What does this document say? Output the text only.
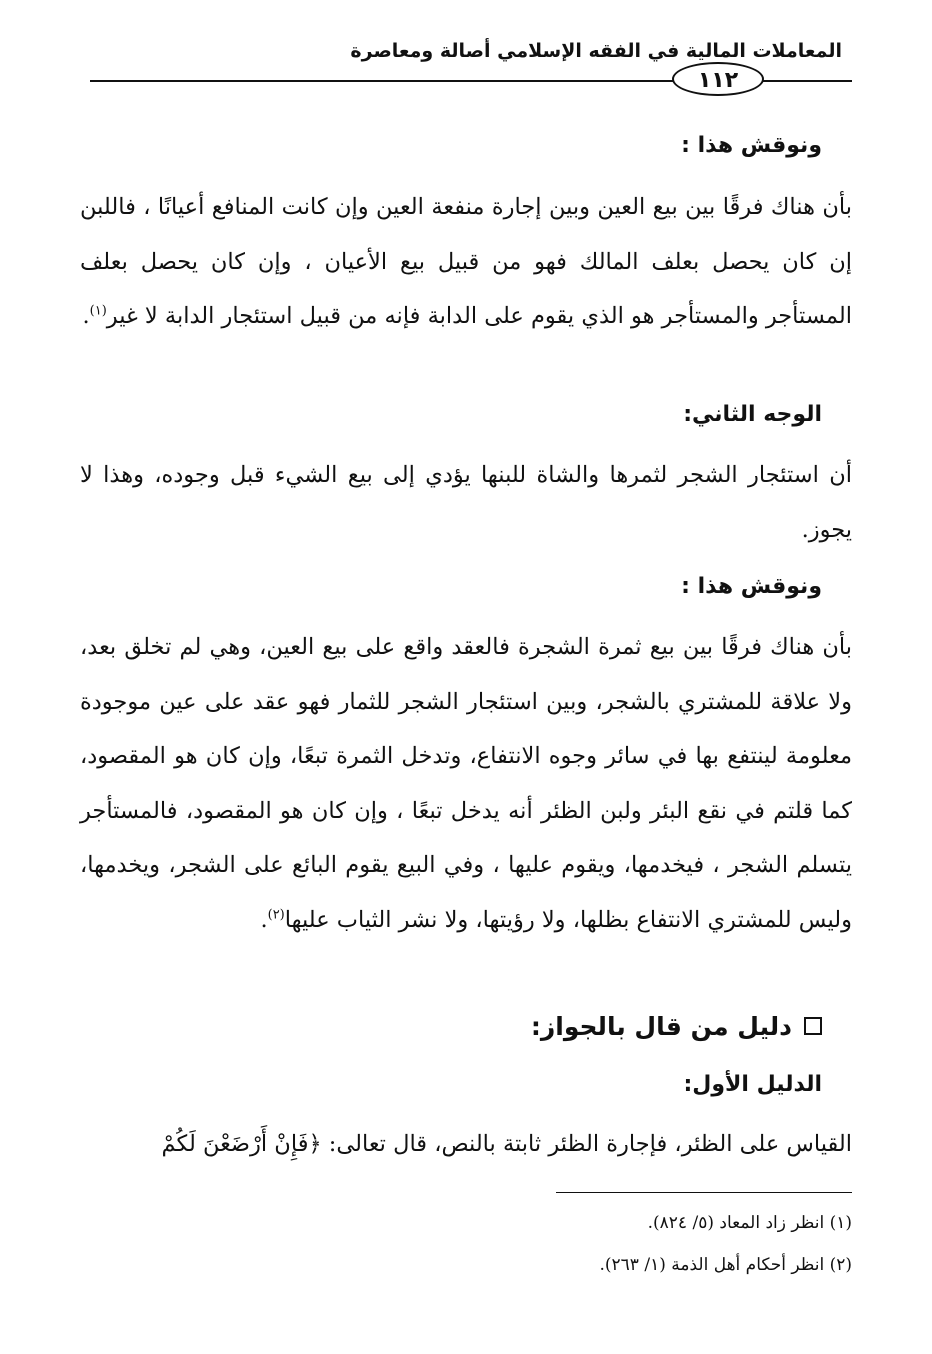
المعاملات المالية في الفقه الإسلامي أصالة ومعاصرة
١١٢
ونوقش هذا :
بأن هناك فرقًا بين بيع العين وبين إجارة منفعة العين وإن كانت المنافع أعيانًا ، فاللبن إن كان يحصل بعلف المالك فهو من قبيل بيع الأعيان ، وإن كان يحصل بعلف المستأجر والمستأجر هو الذي يقوم على الدابة فإنه من قبيل استئجار الدابة لا غير$^{(١)}$.
الوجه الثاني:
أن استئجار الشجر لثمرها والشاة للبنها يؤدي إلى بيع الشيء قبل وجوده، وهذا لا يجوز.
ونوقش هذا :
بأن هناك فرقًا بين بيع ثمرة الشجرة فالعقد واقع على بيع العين، وهي لم تخلق بعد، ولا علاقة للمشتري بالشجر، وبين استئجار الشجر للثمار فهو عقد على عين موجودة معلومة لينتفع بها في سائر وجوه الانتفاع، وتدخل الثمرة تبعًا، وإن كان هو المقصود، كما قلتم في نقع البئر ولبن الظئر أنه يدخل تبعًا ، وإن كان هو المقصود، فالمستأجر يتسلم الشجر ، فيخدمها، ويقوم عليها ، وفي البيع يقوم البائع على الشجر، ويخدمها، وليس للمشتري الانتفاع بظلها، ولا رؤيتها، ولا نشر الثياب عليها$^{(٢)}$.
دليل من قال بالجواز:
الدليل الأول:
القياس على الظئر، فإجارة الظئر ثابتة بالنص، قال تعالى: ﴿فَإِنْ أَرْضَعْنَ لَكُمْ
(١) انظر زاد المعاد (٥/ ٨٢٤).
(٢) انظر أحكام أهل الذمة (١/ ٢٦٣).
